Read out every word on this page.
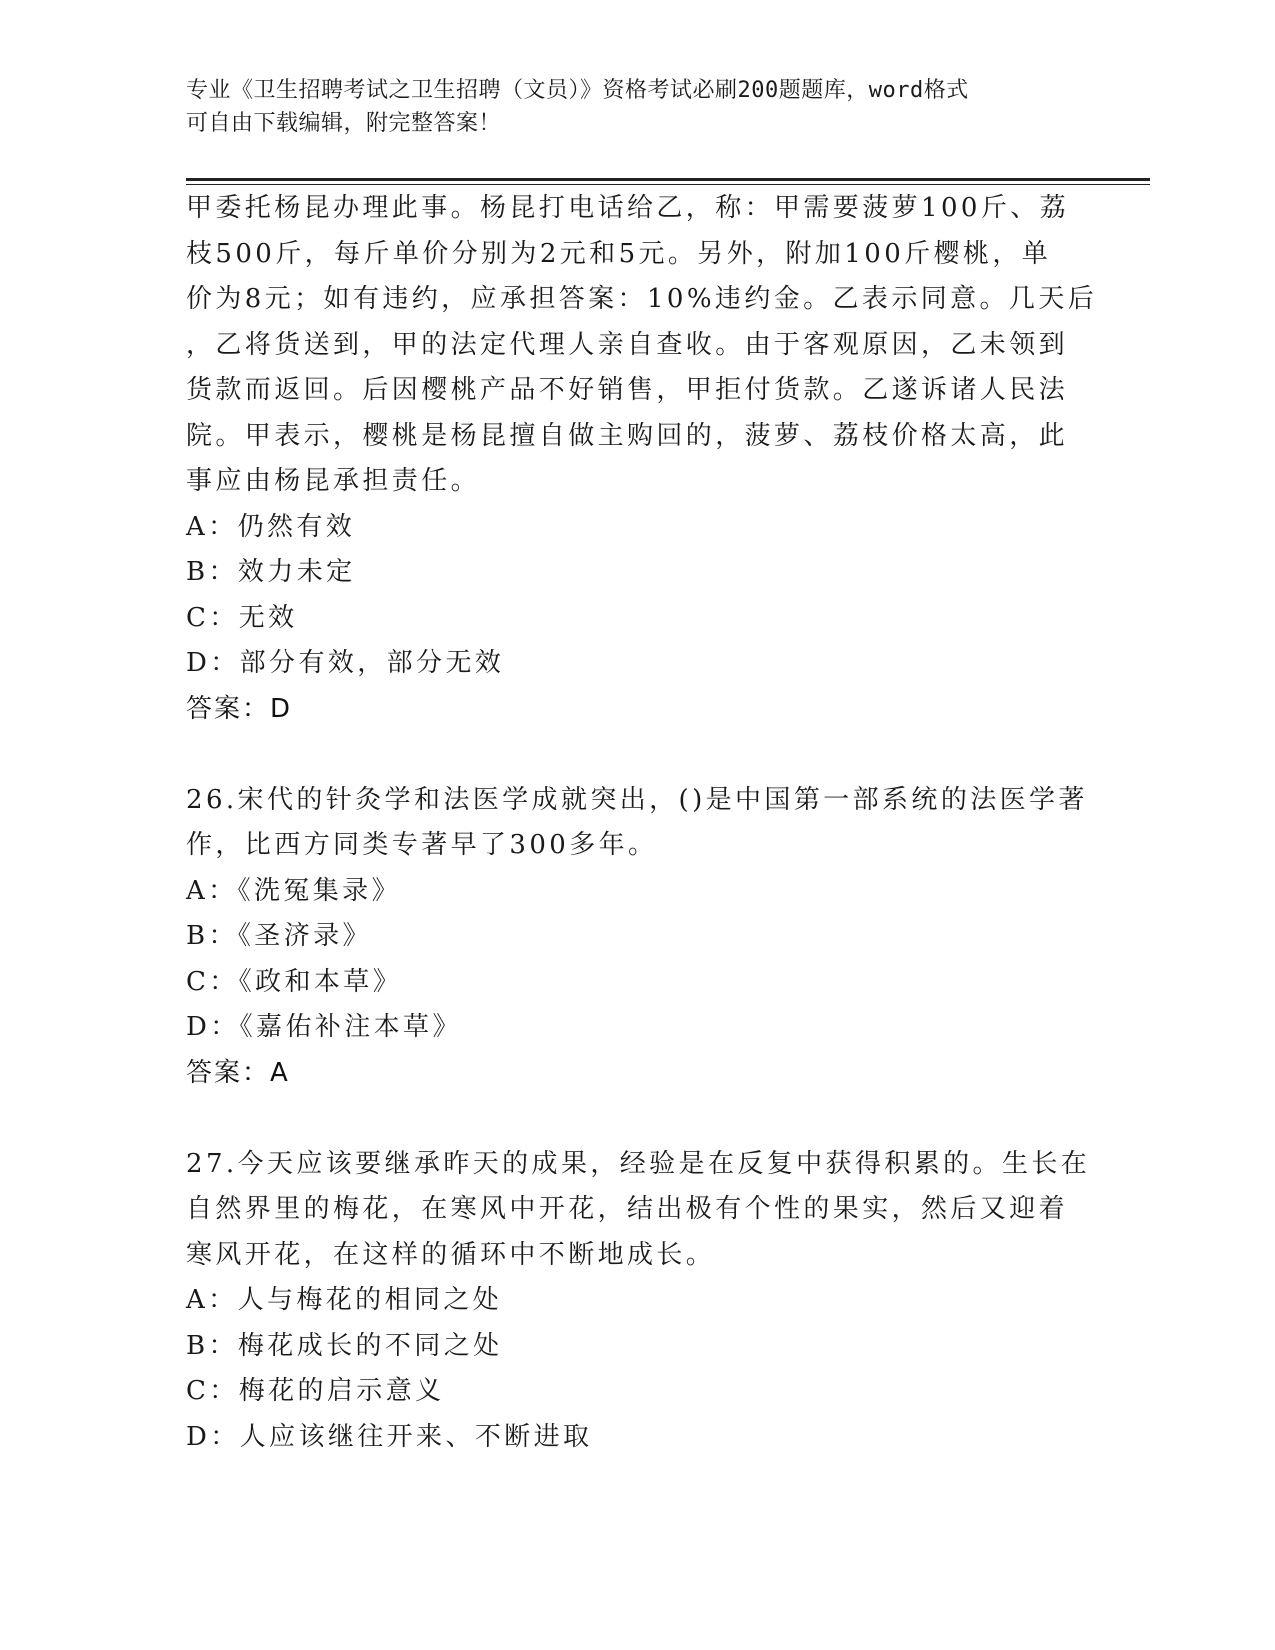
专业《卫生招聘考试之卫生招聘（文员）》资格考试必刷200题题库，word格式
可自由下载编辑，附完整答案！
甲委托杨昆办理此事。杨昆打电话给乙，称：甲需要菠萝100斤、荔
枝500斤，每斤单价分别为2元和5元。另外，附加100斤樱桃，单
价为8元；如有违约，应承担答案：10%违约金。乙表示同意。几天后
，乙将货送到，甲的法定代理人亲自查收。由于客观原因，乙未领到
货款而返回。后因樱桃产品不好销售，甲拒付货款。乙遂诉诸人民法
院。甲表示，樱桃是杨昆擅自做主购回的，菠萝、荔枝价格太高，此
事应由杨昆承担责任。
A：仍然有效
B：效力未定
C：无效
D：部分有效，部分无效
答案：D
26.宋代的针灸学和法医学成就突出，()是中国第一部系统的法医学著
作，比西方同类专著早了300多年。
A：《洗冤集录》
B：《圣济录》
C：《政和本草》
D：《嘉佑补注本草》
答案：A
27.今天应该要继承昨天的成果，经验是在反复中获得积累的。生长在
自然界里的梅花，在寒风中开花，结出极有个性的果实，然后又迎着
寒风开花，在这样的循环中不断地成长。
A：人与梅花的相同之处
B：梅花成长的不同之处
C：梅花的启示意义
D：人应该继往开来、不断进取
